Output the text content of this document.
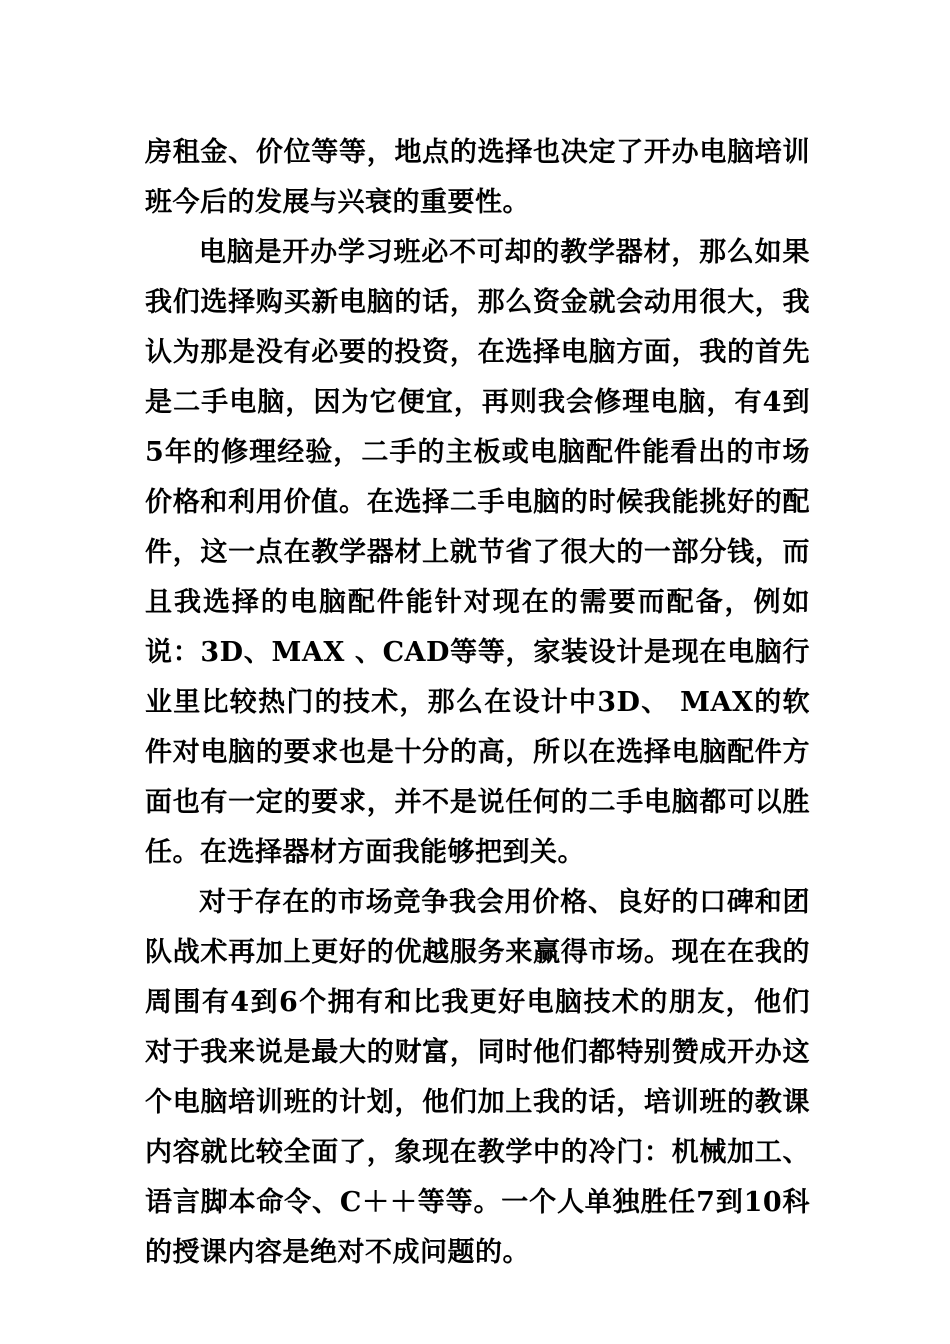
房租金、价位等等，地点的选择也决定了开办电脑培训班今后的发展与兴衰的重要性。

电脑是开办学习班必不可却的教学器材，那么如果我们选择购买新电脑的话，那么资金就会动用很大，我认为那是没有必要的投资，在选择电脑方面，我的首先是二手电脑，因为它便宜，再则我会修理电脑，有4到5年的修理经验，二手的主板或电脑配件能看出的市场价格和利用价值。在选择二手电脑的时候我能挑好的配件，这一点在教学器材上就节省了很大的一部分钱，而且我选择的电脑配件能针对现在的需要而配备，例如说：3D、MAX 、CAD等等，家装设计是现在电脑行业里比较热门的技术，那么在设计中3D、 MAX的软件对电脑的要求也是十分的高，所以在选择电脑配件方面也有一定的要求，并不是说任何的二手电脑都可以胜任。在选择器材方面我能够把到关。

对于存在的市场竞争我会用价格、良好的口碑和团队战术再加上更好的优越服务来赢得市场。现在在我的周围有4到6个拥有和比我更好电脑技术的朋友，他们对于我来说是最大的财富，同时他们都特别赞成开办这个电脑培训班的计划，他们加上我的话，培训班的教课内容就比较全面了，象现在教学中的冷门：机械加工、语言脚本命令、C＋＋等等。一个人单独胜任7到10科的授课内容是绝对不成问题的。
